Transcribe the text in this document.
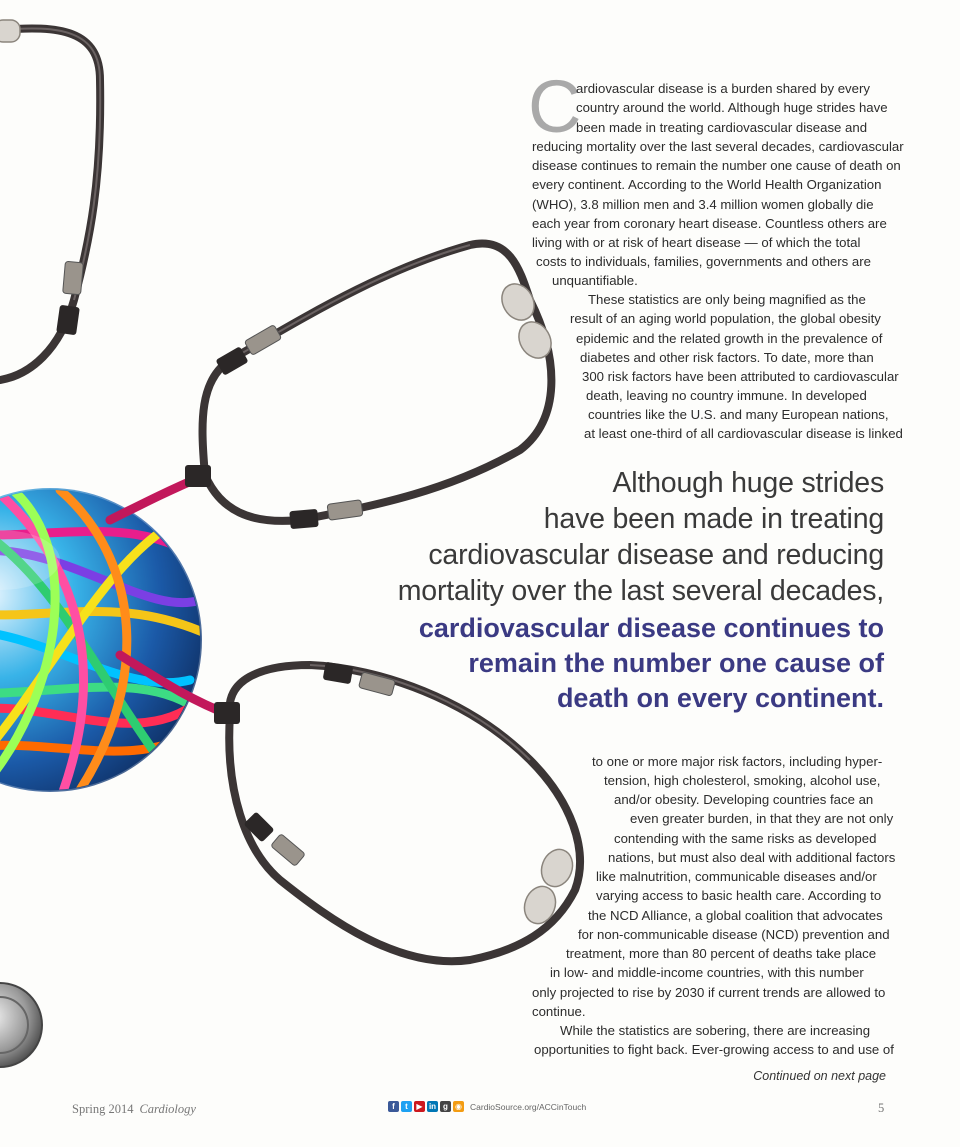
C
ardiovascular disease is a burden shared by every
country around the world. Although huge strides have
been made in treating cardiovascular disease and
reducing mortality over the last several decades, cardiovascular
disease continues to remain the number one cause of death on
every continent. According to the World Health Organization
(WHO), 3.8 million men and 3.4 million women globally die
each year from coronary heart disease. Countless others are
living with or at risk of heart disease — of which the total
costs to individuals, families, governments and others are
unquantifiable.
These statistics are only being magnified as the
result of an aging world population, the global obesity
epidemic and the related growth in the prevalence of
diabetes and other risk factors. To date, more than
300 risk factors have been attributed to cardiovascular
death, leaving no country immune. In developed
countries like the U.S. and many European nations,
at least one-third of all cardiovascular disease is linked
to one or more major risk factors, including hyper-
tension, high cholesterol, smoking, alcohol use,
and/or obesity. Developing countries face an
even greater burden, in that they are not only
contending with the same risks as developed
nations, but must also deal with additional factors
like malnutrition, communicable diseases and/or
varying access to basic health care. According to
the NCD Alliance, a global coalition that advocates
for non-communicable disease (NCD) prevention and
treatment, more than 80 percent of deaths take place
in low- and middle-income countries, with this number
only projected to rise by 2030 if current trends are allowed to
continue.
While the statistics are sobering, there are increasing
opportunities to fight back. Ever-growing access to and use of
Although huge strides
have been made in treating
cardiovascular disease and reducing
mortality over the last several decades,
cardiovascular disease continues to
remain the number one cause of
death on every continent.
Continued on next page
Spring 2014 Cardiology	f	t	▶ in g ◉ CardioSource.org/ACCinTouch	5
